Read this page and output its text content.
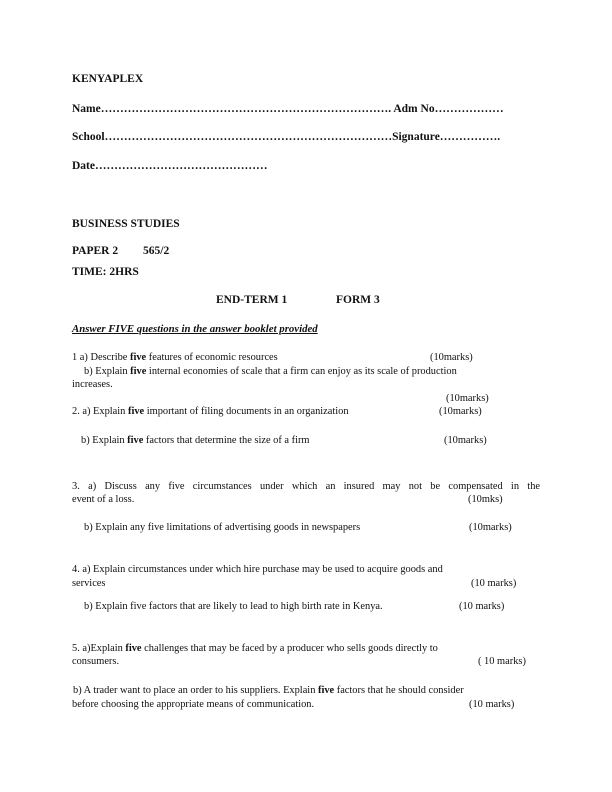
KENYAPLEX
Name…………………………………………………………………. Adm No………………
School…………………………………………………………………Signature…………….
Date………………………………………
BUSINESS STUDIES
PAPER 2 565/2
TIME: 2HRS
END-TERM 1	FORM 3
Answer FIVE questions in the answer booklet provided
1 a) Describe five features of economic resources	(10marks)
b) Explain five internal economies of scale that a firm can enjoy as its scale of production
increases.
(10marks)
2. a) Explain five important of filing documents in an organization	(10marks)
b) Explain five factors that determine the size of a firm	(10marks)
3. a) Discuss any five circumstances under which an insured may not be compensated in the
event of a loss.	(10mks)
b) Explain any five limitations of advertising goods in newspapers	(10marks)
4. a) Explain circumstances under which hire purchase may be used to acquire goods and
services	(10 marks)
b) Explain five factors that are likely to lead to high birth rate in Kenya.	(10 marks)
5. a)Explain five challenges that may be faced by a producer who sells goods directly to
consumers.	( 10 marks)
b) A trader want to place an order to his suppliers. Explain five factors that he should consider
before choosing the appropriate means of communication.	(10 marks)
